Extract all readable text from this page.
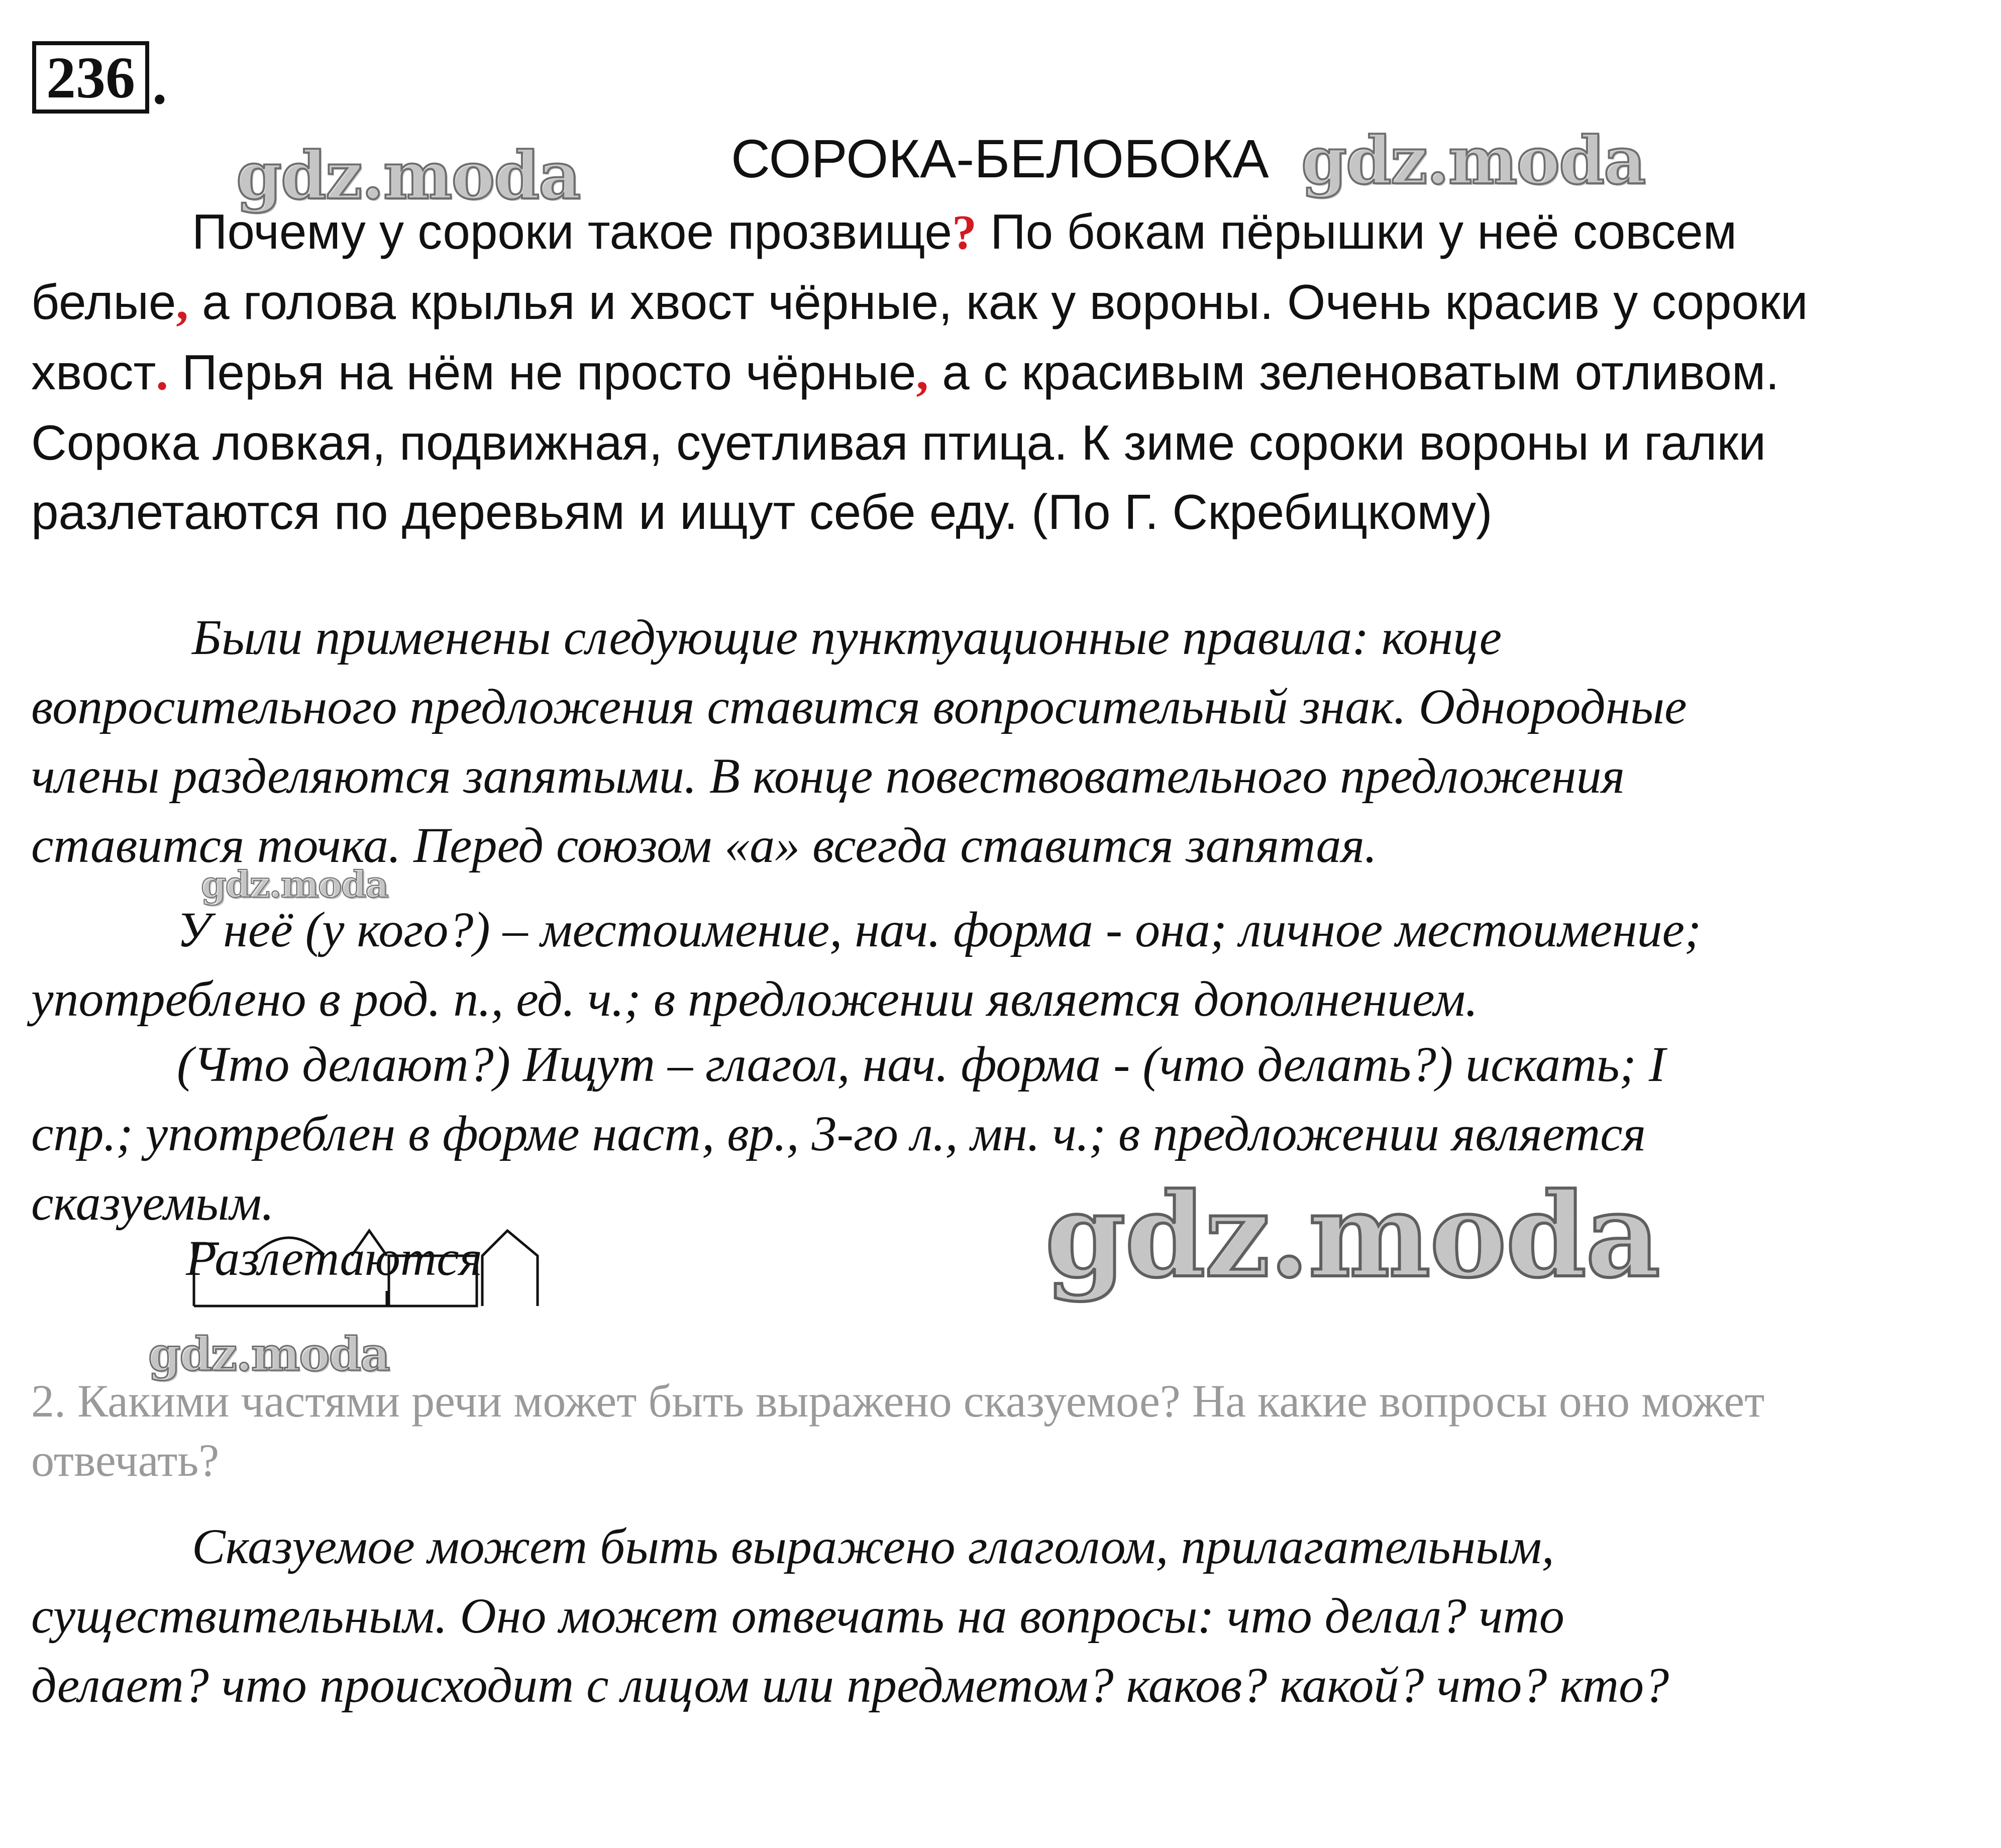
236 .
СОРОКА-БЕЛОБОКА
Почему у сороки такое прозвище? По бокам пёрышки у неё совсем
белые, а голова крылья и хвост чёрные, как у вороны. Очень красив у сороки
хвост. Перья на нём не просто чёрные, а с красивым зеленоватым отливом.
Сорока ловкая, подвижная, суетливая птица. К зиме сороки вороны и галки
разлетаются по деревьям и ищут себе еду. (По Г. Скребицкому)
Были применены следующие пунктуационные правила: конце
вопросительного предложения ставится вопросительный знак. Однородные
члены разделяются запятыми. В конце повествовательного предложения
ставится точка. Перед союзом «а» всегда ставится запятая.
У неё (у кого?) – местоимение, нач. форма - она; личное местоимение;
употреблено в род. п., ед. ч.; в предложении является дополнением.
(Что делают?) Ищут – глагол, нач. форма - (что делать?) искать; I
спр.; употреблен в форме наст, вр., 3-го л., мн. ч.; в предложении является
сказуемым.
Разлетаются
2. Какими частями речи может быть выражено сказуемое? На какие вопросы оно может
отвечать?
Сказуемое может быть выражено глаголом, прилагательным,
существительным. Оно может отвечать на вопросы: что делал? что
делает? что происходит с лицом или предметом? каков? какой? что? кто?
gdz.moda	gdz.moda
gdz.moda
gdz.moda
gdz.moda
